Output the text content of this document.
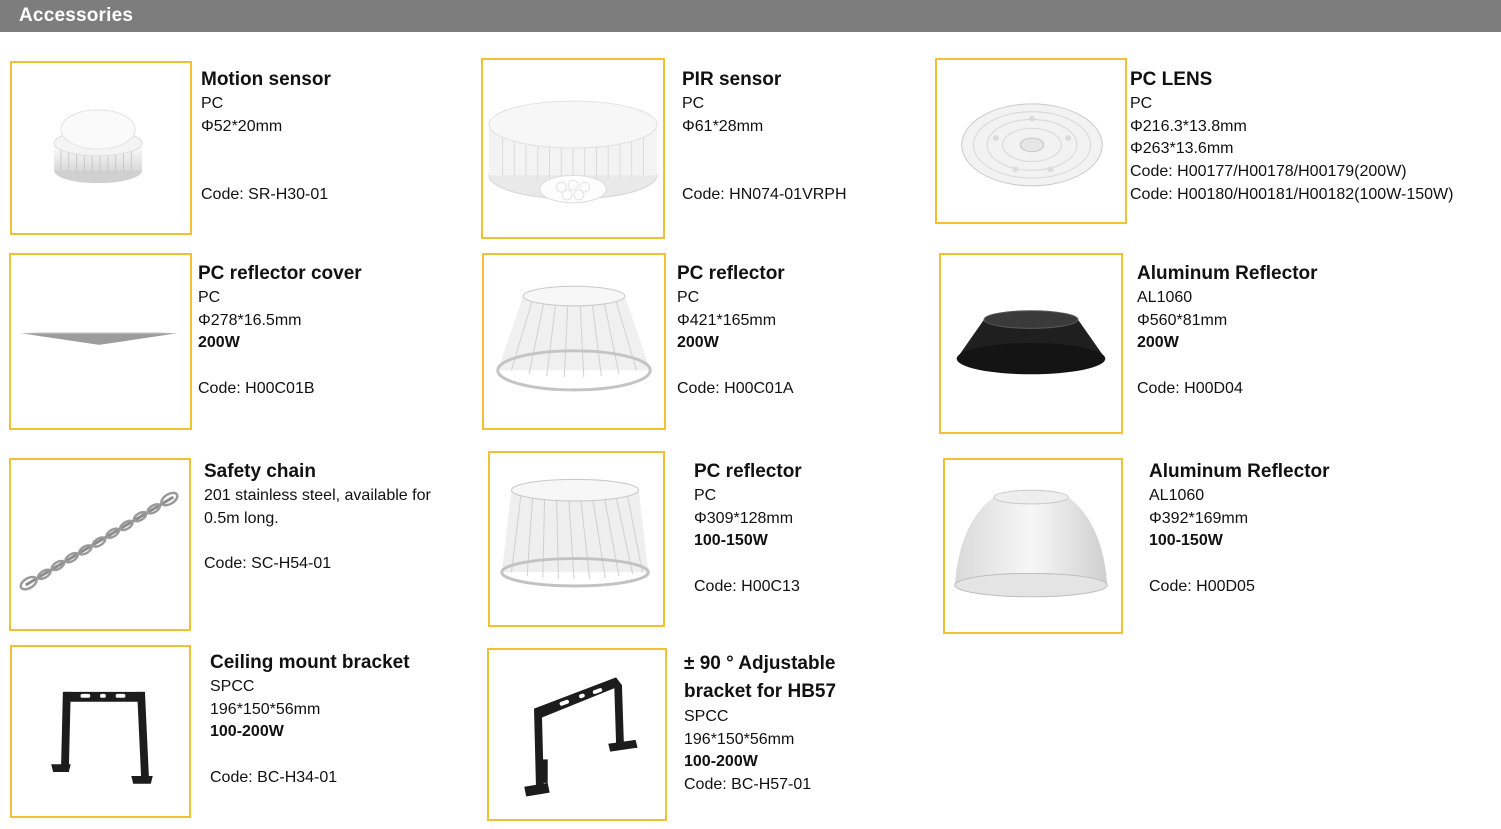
Accessories
Motion sensor
PC
Φ52*20mm
Code: SR-H30-01
PIR sensor
PC
Φ61*28mm
Code: HN074-01VRPH
PC LENS
PC
Φ216.3*13.8mm
Φ263*13.6mm
Code: H00177/H00178/H00179(200W)
Code: H00180/H00181/H00182(100W-150W)
PC reflector cover
PC
Φ278*16.5mm
200W
Code: H00C01B
PC reflector
PC
Φ421*165mm
200W
Code: H00C01A
Aluminum Reflector
AL1060
Φ560*81mm
200W
Code: H00D04
Safety chain
201 stainless steel, available for 0.5m long.
Code: SC-H54-01
PC reflector
PC
Φ309*128mm
100-150W
Code: H00C13
Aluminum Reflector
AL1060
Φ392*169mm
100-150W
Code: H00D05
Ceiling mount bracket
SPCC
196*150*56mm
100-200W
Code: BC-H34-01
± 90 ° Adjustable
bracket for HB57
SPCC
196*150*56mm
100-200W
Code: BC-H57-01
